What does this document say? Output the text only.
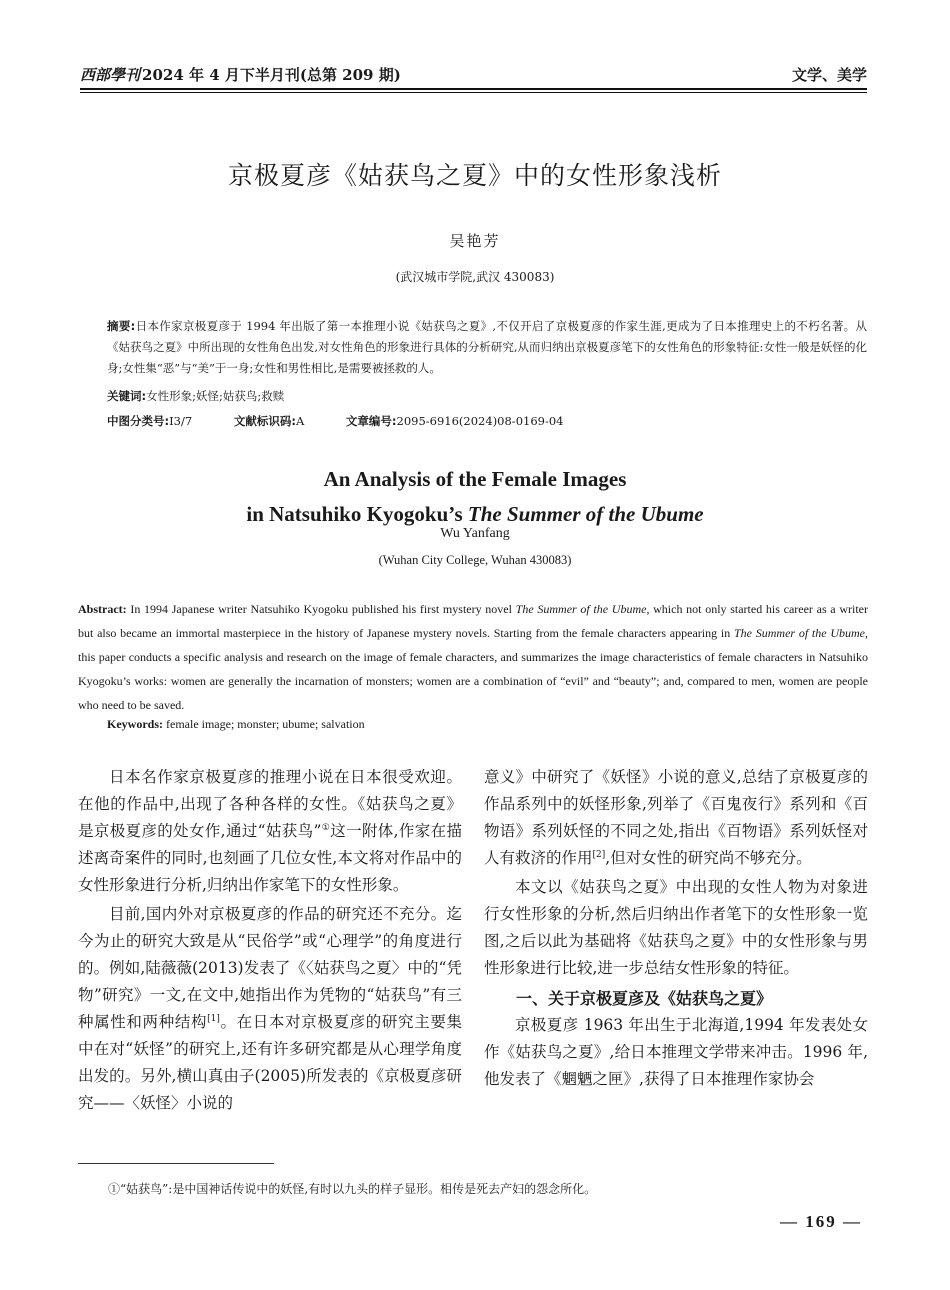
西部學刊 2024 年 4 月下半月刊(总第 209 期)	文学、美学
京极夏彦《姑获鸟之夏》中的女性形象浅析
吴艳芳
(武汉城市学院,武汉 430083)
摘要:日本作家京极夏彦于 1994 年出版了第一本推理小说《姑获鸟之夏》,不仅开启了京极夏彦的作家生涯,更成为了日本推理史上的不朽名著。从《姑获鸟之夏》中所出现的女性角色出发,对女性角色的形象进行具体的分析研究,从而归纳出京极夏彦笔下的女性角色的形象特征:女性一般是妖怪的化身;女性集“恶”与“美”于一身;女性和男性相比,是需要被拯救的人。
关键词:女性形象;妖怪;姑获鸟;救赎
中图分类号:I3/7	文献标识码:A	文章编号:2095-6916(2024)08-0169-04
An Analysis of the Female Images
in Natsuhiko Kyogoku’s The Summer of the Ubume
Wu Yanfang
(Wuhan City College, Wuhan 430083)
Abstract: In 1994 Japanese writer Natsuhiko Kyogoku published his first mystery novel The Summer of the Ubume, which not only started his career as a writer but also became an immortal masterpiece in the history of Japanese mystery novels. Starting from the female characters appearing in The Summer of the Ubume, this paper conducts a specific analysis and research on the image of female characters, and summarizes the image characteristics of female characters in Natsuhiko Kyogoku’s works: women are generally the incarnation of monsters; women are a combination of “evil” and “beauty”; and, compared to men, women are people who need to be saved.
Keywords: female image; monster; ubume; salvation

日本名作家京极夏彦的推理小说在日本很受欢迎。在他的作品中,出现了各种各样的女性。《姑获鸟之夏》是京极夏彦的处女作,通过“姑获鸟”①这一附体,作家在描述离奇案件的同时,也刻画了几位女性,本文将对作品中的女性形象进行分析,归纳出作家笔下的女性形象。

目前,国内外对京极夏彦的作品的研究还不充分。迄今为止的研究大致是从“民俗学”或“心理学”的角度进行的。例如,陆薇薇(2013)发表了《〈姑获鸟之夏〉中的“凭物”研究》一文,在文中,她指出作为凭物的“姑获鸟”有三种属性和两种结构[1]。在日本对京极夏彦的研究主要集中在对“妖怪”的研究上,还有许多研究都是从心理学角度出发的。另外,横山真由子(2005)所发表的《京极夏彦研究——〈妖怪〉小说的

意义》中研究了《妖怪》小说的意义,总结了京极夏彦的作品系列中的妖怪形象,列举了《百鬼夜行》系列和《百物语》系列妖怪的不同之处,指出《百物语》系列妖怪对人有救济的作用[2],但对女性的研究尚不够充分。

本文以《姑获鸟之夏》中出现的女性人物为对象进行女性形象的分析,然后归纳出作者笔下的女性形象一览图,之后以此为基础将《姑获鸟之夏》中的女性形象与男性形象进行比较,进一步总结女性形象的特征。

一、关于京极夏彦及《姑获鸟之夏》

京极夏彦 1963 年出生于北海道,1994 年发表处女作《姑获鸟之夏》,给日本推理文学带来冲击。1996 年,他发表了《魍魉之匣》,获得了日本推理作家协会

①“姑获鸟”:是中国神话传说中的妖怪,有时以九头的样子显形。相传是死去产妇的怨念所化。
— 169 —
